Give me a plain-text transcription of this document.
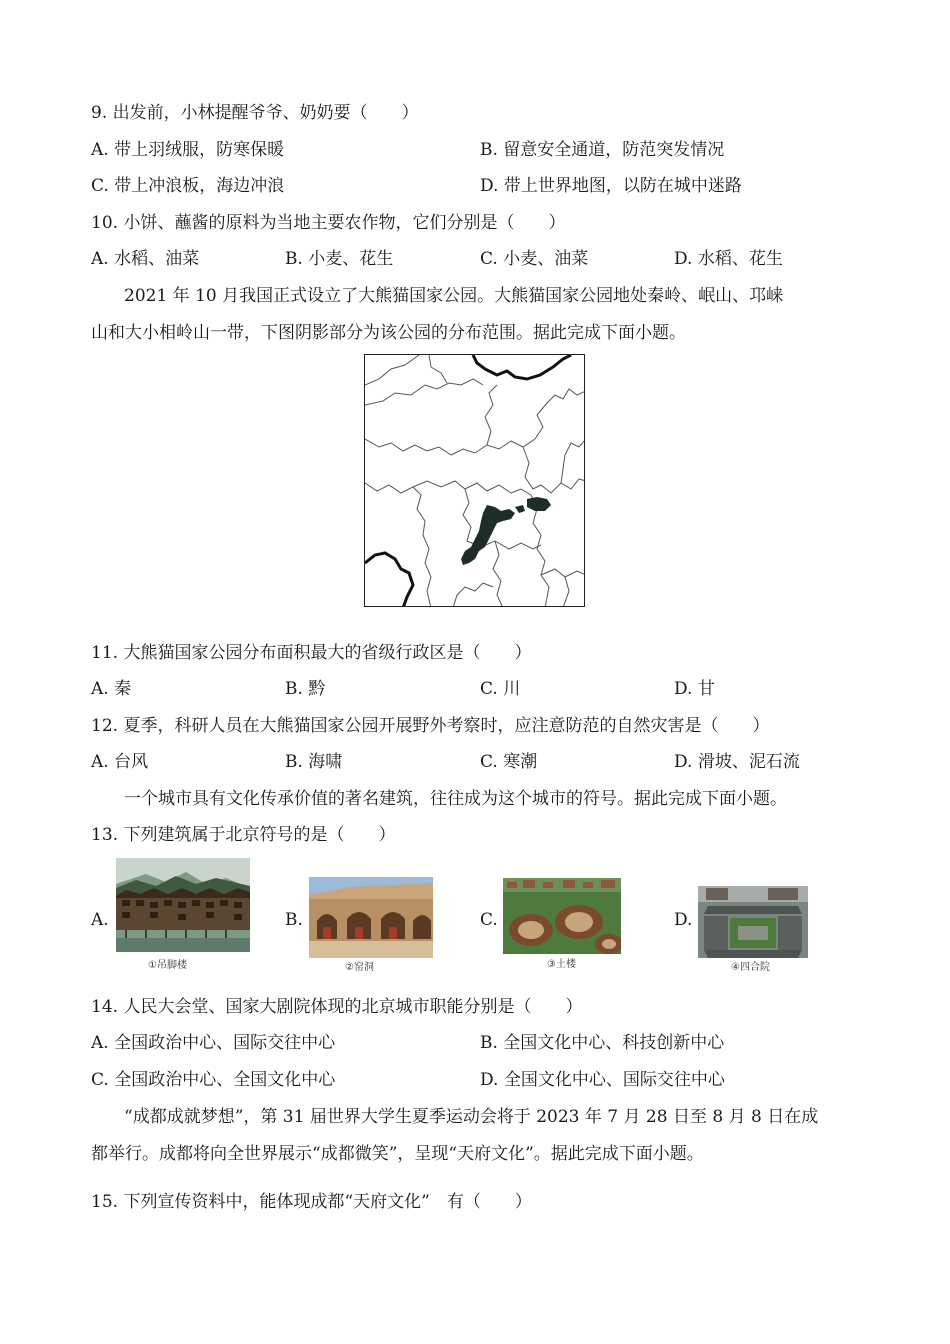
9. 出发前，小林提醒爷爷、奶奶要（　　）
A. 带上羽绒服，防寒保暖	B. 留意安全通道，防范突发情况
C. 带上冲浪板，海边冲浪	D. 带上世界地图，以防在城中迷路
10. 小饼、蘸酱的原料为当地主要农作物，它们分别是（　　）
A. 水稻、油菜	B. 小麦、花生	C. 小麦、油菜	D. 水稻、花生
2021 年 10 月我国正式设立了大熊猫国家公园。大熊猫国家公园地处秦岭、岷山、邛崃
山和大小相岭山一带，下图阴影部分为该公园的分布范围。据此完成下面小题。
11. 大熊猫国家公园分布面积最大的省级行政区是（　　）
A. 秦	B. 黔	C. 川	D. 甘
12. 夏季，科研人员在大熊猫国家公园开展野外考察时，应注意防范的自然灾害是（　　）
A. 台风	B. 海啸	C. 寒潮	D. 滑坡、泥石流
一个城市具有文化传承价值的著名建筑，往往成为这个城市的符号。据此完成下面小题。
13. 下列建筑属于北京符号的是（　　）
A.
①吊脚楼
B.
②窑洞
C.
③土楼
D.
④四合院
14. 人民大会堂、国家大剧院体现的北京城市职能分别是（　　）
A. 全国政治中心、国际交往中心	B. 全国文化中心、科技创新中心
C. 全国政治中心、全国文化中心	D. 全国文化中心、国际交往中心
“成都成就梦想”，第 31 届世界大学生夏季运动会将于 2023 年 7 月 28 日至 8 月 8 日在成
都举行。成都将向全世界展示“成都微笑”，呈现“天府文化”。据此完成下面小题。
15. 下列宣传资料中，能体现成都“天府文化”　有（　　）
